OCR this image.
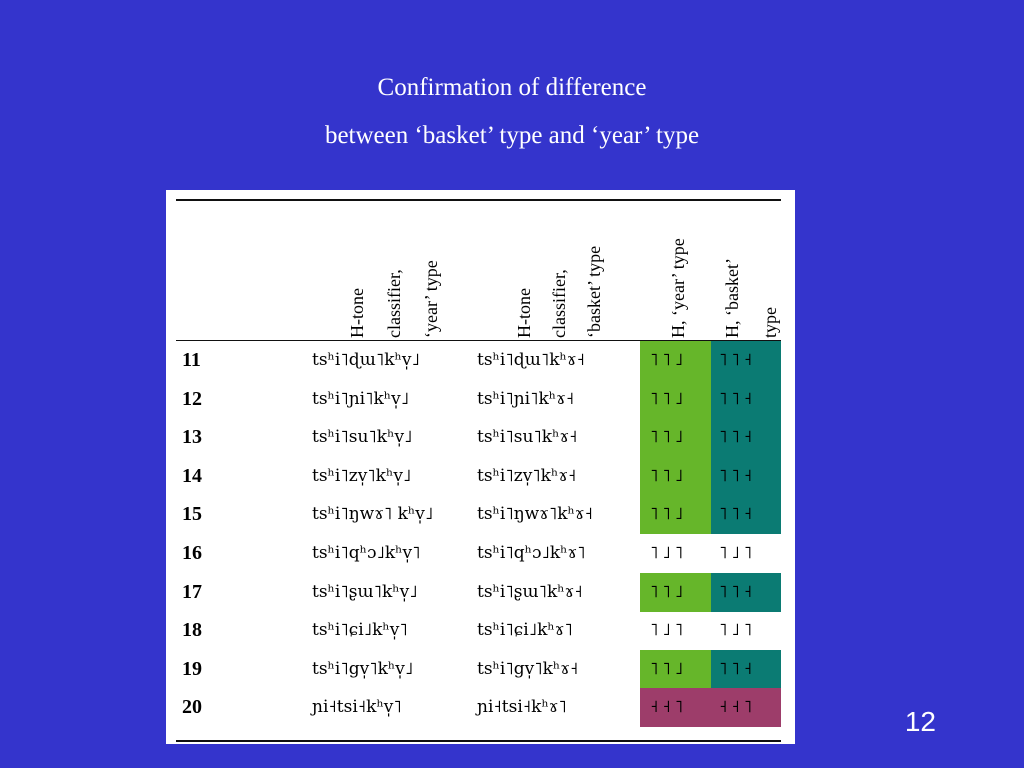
Confirmation of difference
between ‘basket’ type and ‘year’ type
H-tone classifier, ‘year’ type	H-tone classifier, ‘basket’ type	H, ‘year’ type H, ‘basket’ type
11	tsʰi˥ɖɯ˥kʰv̩˩	tsʰi˥ɖɯ˥kʰɤ˧	˥˥˩ ˥˥˧
12	tsʰi˥ɲi˥kʰv̩˩	tsʰi˥ɲi˥kʰɤ˧	˥˥˩ ˥˥˧
13	tsʰi˥su˥kʰv̩˩	tsʰi˥su˥kʰɤ˧	˥˥˩ ˥˥˧
14	tsʰi˥zv̩˥kʰv̩˩	tsʰi˥zv̩˥kʰɤ˧	˥˥˩ ˥˥˧
15	tsʰi˥ŋwɤ˥ kʰv̩˩	tsʰi˥ŋwɤ˥kʰɤ˧	˥˥˩ ˥˥˧
16	tsʰi˥qʰɔ˩kʰv̩˥	tsʰi˥qʰɔ˩kʰɤ˥	˥˩˥ ˥˩˥
17	tsʰi˥ʂɯ˥kʰv̩˩	tsʰi˥ʂɯ˥kʰɤ˧	˥˥˩ ˥˥˧
18	tsʰi˥ɕi˩kʰv̩˥	tsʰi˥ɕi˩kʰɤ˥	˥˩˥ ˥˩˥
19	tsʰi˥gv̩˥kʰv̩˩	tsʰi˥gv̩˥kʰɤ˧	˥˥˩ ˥˥˧
20	ɲi˧tsi˧kʰv̩˥	ɲi˧tsi˧kʰɤ˥	˧˧˥ ˧˧˥	12
